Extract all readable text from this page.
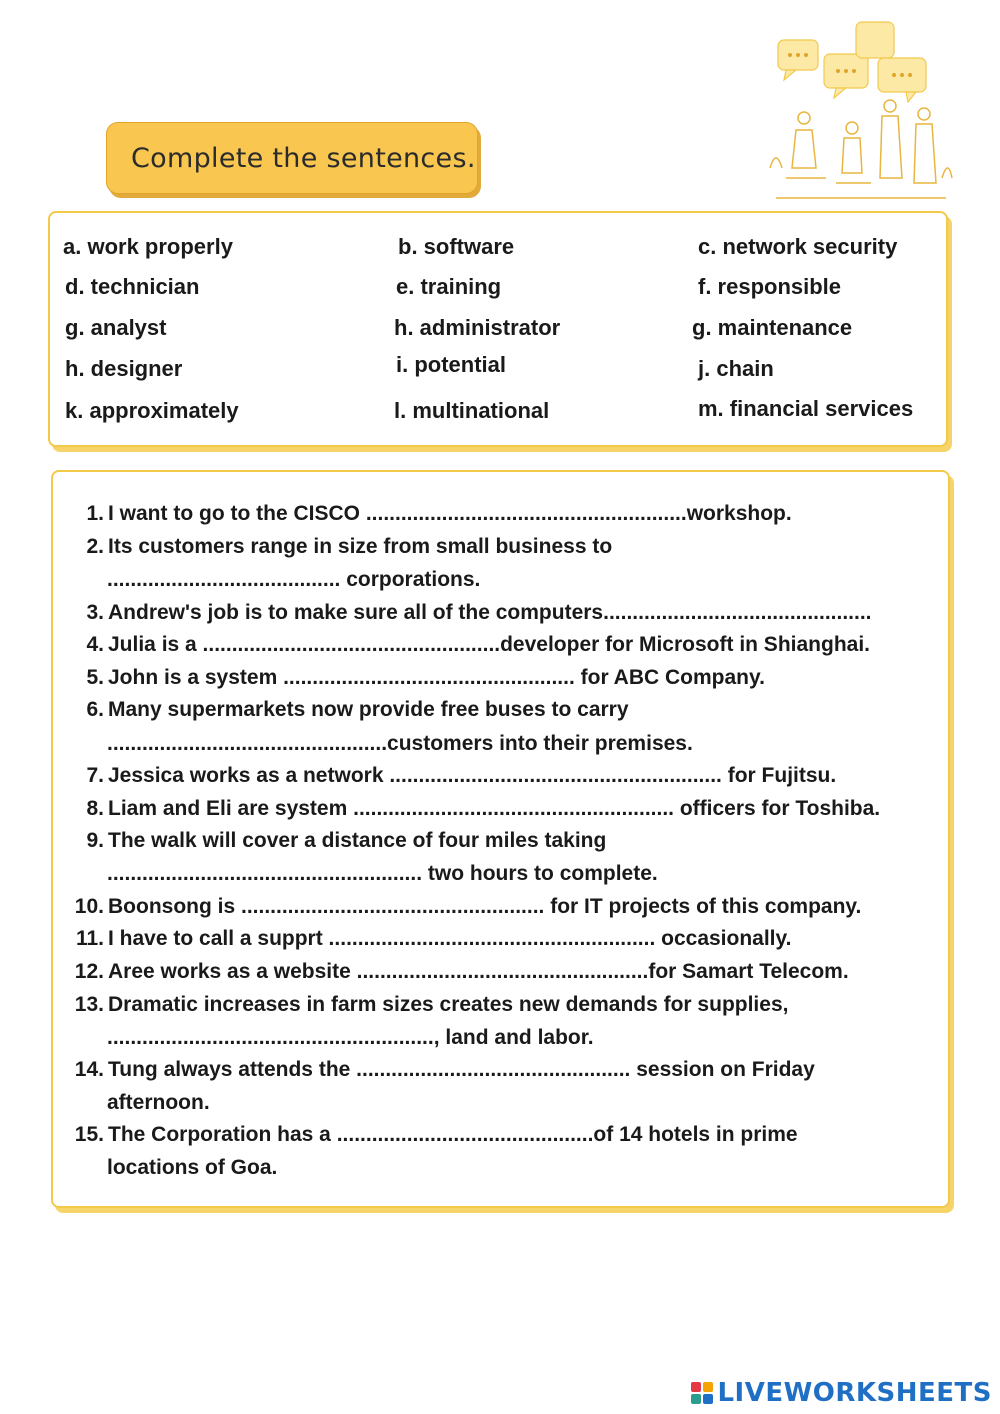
Complete the sentences.
a. work properly	b. software	c. network security
d. technician	e. training	f. responsible
g. analyst	h. administrator	g. maintenance
h. designer	i. potential	j. chain
k. approximately	l. multinational	m. financial services
1. I want to go to the CISCO .......................................................workshop.
2. Its customers range in size from small business to
........................................ corporations.
3. Andrew's job is to make sure all of the computers..............................................
4. Julia is a ...................................................developer for Microsoft in Shianghai.
5. John is a system .................................................. for ABC Company.
6. Many supermarkets now provide free buses to carry
................................................customers into their premises.
7. Jessica works as a network ......................................................... for Fujitsu.
8. Liam and Eli are system ....................................................... officers for Toshiba.
9. The walk will cover a distance of four miles taking
...................................................... two hours to complete.
10. Boonsong is .................................................... for IT projects of this company.
11. I have to call a supprt ........................................................ occasionally.
12. Aree works as a website ..................................................for Samart Telecom.
13. Dramatic increases in farm sizes creates new demands for supplies,
........................................................, land and labor.
14. Tung always attends the ............................................... session on Friday
afternoon.
15. The Corporation has a ............................................of 14 hotels in prime
locations of Goa.
LIVEWORKSHEETS
